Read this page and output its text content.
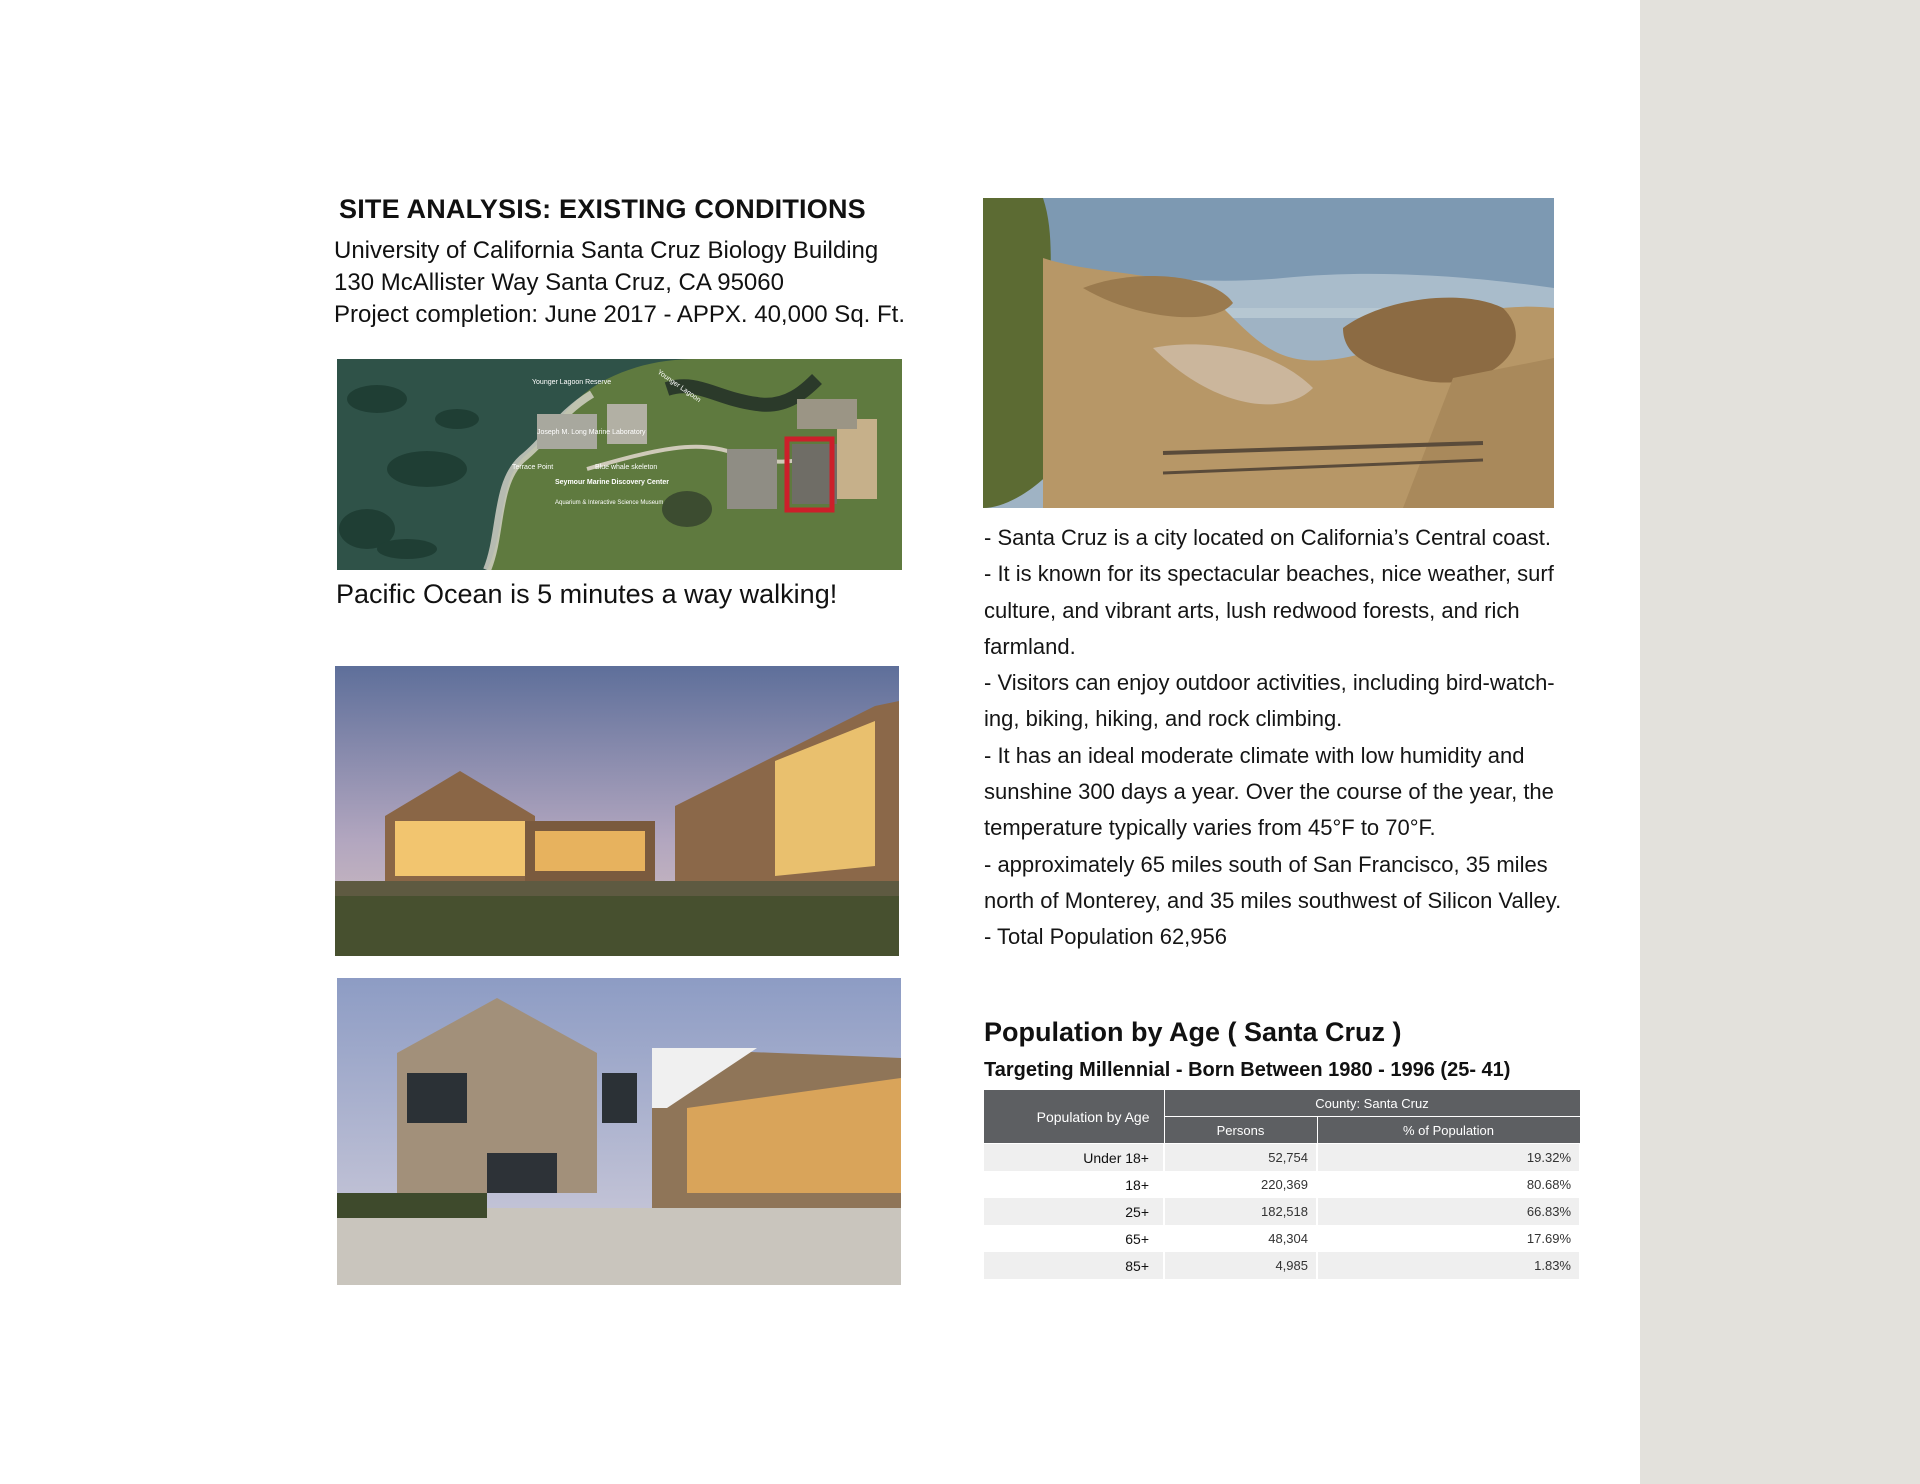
SITE ANALYSIS: EXISTING CONDITIONS
University of California Santa Cruz Biology Building
130 McAllister Way Santa Cruz, CA 95060
Project completion: June 2017 - APPX. 40,000 Sq. Ft.
Younger Lagoon Reserve	Younger Lagoon
Joseph M. Long Marine Laboratory
Terrace Point	Blue whale skeleton
Seymour Marine Discovery Center
Aquarium & Interactive Science Museum
Pacific Ocean is 5 minutes a way walking!

- Santa Cruz is a city located on California’s Central coast.

- It is known for its spectacular beaches, nice weather, surf culture, and vibrant arts, lush redwood forests, and rich farmland.

- Visitors can enjoy outdoor activities, including bird-watch-ing, biking, hiking, and rock climbing.

- It has an ideal moderate climate with low humidity and sunshine 300 days a year. Over the course of the year, the temperature typically varies from 45°F to 70°F.

- approximately 65 miles south of San Francisco, 35 miles north of Monterey, and 35 miles southwest of Silicon Valley.

- Total Population 62,956

Population by Age ( Santa Cruz )
Targeting Millennial - Born Between 1980 - 1996 (25- 41)
Population by Age	County: Santa Cruz	
	Persons	% of Population
Under 18+	52,754	19.32%
18+	220,369	80.68%
25+	182,518	66.83%
65+	48,304	17.69%
85+	4,985	1.83%
